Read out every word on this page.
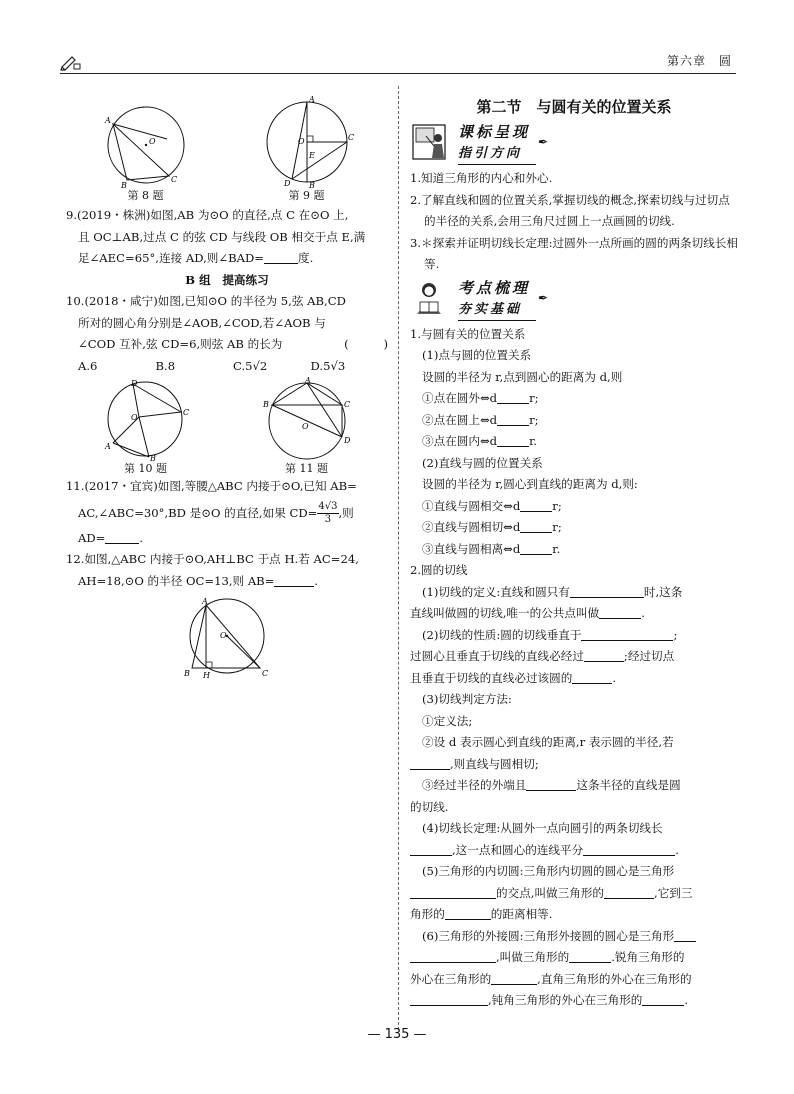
第六章　圆
O
A
B
C
第 8 题
A
O	C
E
D B
第 9 题

9.(2019・株洲)如图,AB 为⊙O 的直径,点 C 在⊙O 上,

且 OC⊥AB,过点 C 的弦 CD 与线段 OB 相交于点 E,满

足∠AEC=65°,连接 AD,则∠BAD=	度.

B 组　提高练习

10.(2018・咸宁)如图,已知⊙O 的半径为 5,弦 AB,CD

所对的圆心角分别是∠AOB,∠COD,若∠AOB 与

∠COD 互补,弦 CD=6,则弦 AB 的长为	(　　　)

A.6	B.8	C.5√2	D.5√3
D
C
O
A
B
第 10 题
A
B	C
O
D
第 11 题

11.(2017・宜宾)如图,等腰△ABC 内接于⊙O,已知 AB=

AC,∠ABC=30°,BD 是⊙O 的直径,如果 $CD= \frac{4√3}{3}$ ,则

AD=	.

12.如图,△ABC 内接于⊙O,AH⊥BC 于点 H.若 AC=24,

AH=18,⊙O 的半径 OC=13,则 AB=	.

A
O
B H	C
第二节　与圆有关的位置关系
课标呈现
指引方向
✒

1.知道三角形的内心和外心.

2.了解直线和圆的位置关系,掌握切线的概念,探索切线与过切点的半径的关系,会用三角尺过圆上一点画圆的切线.

3.＊探索并证明切线长定理:过圆外一点所画的圆的两条切线长相等.

考点梳理
夯实基础
✒

1.与圆有关的位置关系

(1)点与圆的位置关系

设圆的半径为 r,点到圆心的距离为 d,则

①点在圆外⇔d	r;

②点在圆上⇔d	r;

③点在圆内⇔d	r.

(2)直线与圆的位置关系

设圆的半径为 r,圆心到直线的距离为 d,则:

①直线与圆相交⇔d	r;

②直线与圆相切⇔d	r;

③直线与圆相离⇔d	r.

2.圆的切线

(1)切线的定义:直线和圆只有	时,这条

直线叫做圆的切线,唯一的公共点叫做	.

(2)切线的性质:圆的切线垂直于	;

过圆心且垂直于切线的直线必经过	;经过切点

且垂直于切线的直线必过该圆的	.

(3)切线判定方法:

①定义法;

②设 d 表示圆心到直线的距离,r 表示圆的半径,若

,则直线与圆相切;

③经过半径的外端且	这条半径的直线是圆

的切线.

(4)切线长定理:从圆外一点向圆引的两条切线长

,这一点和圆心的连线平分	.

(5)三角形的内切圆:三角形内切圆的圆心是三角形

的交点,叫做三角形的	,它到三

角形的	的距离相等.

(6)三角形的外接圆:三角形外接圆的圆心是三角形

,叫做三角形的	.锐角三角形的

外心在三角形的	,直角三角形的外心在三角形的

,钝角三角形的外心在三角形的	.

— 135 —
